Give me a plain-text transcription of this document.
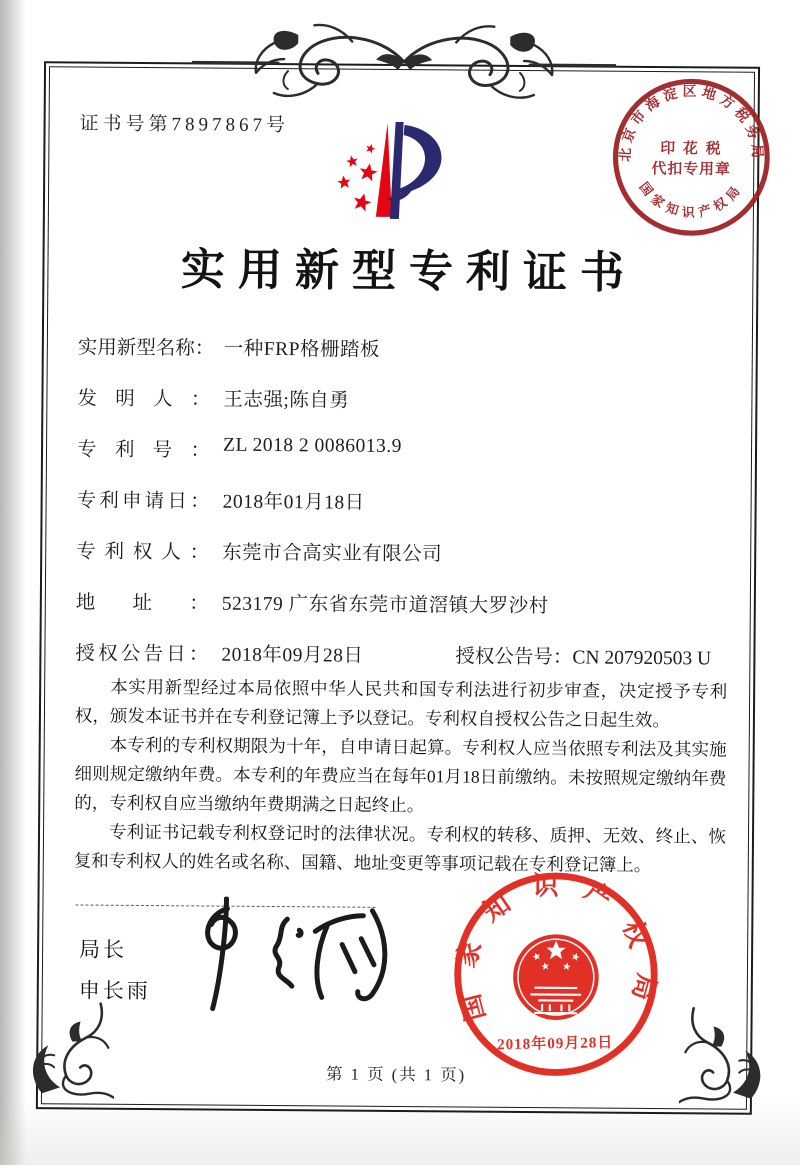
证书号第7897867号
实用新型专利证书
实用新型名称： 一种FRP格栅踏板
发明人： 王志强;陈自勇
专利号： ZL 2018 2 0086013.9
专利申请日： 2018年01月18日
专利权人： 东莞市合高实业有限公司
地址： 523179 广东省东莞市道滘镇大罗沙村
授权公告日： 2018年09月28日	授权公告号：CN 207920503 U

本实用新型经过本局依照中华人民共和国专利法进行初步审查，决定授予专利权，颁发本证书并在专利登记簿上予以登记。专利权自授权公告之日起生效。

本专利的专利权期限为十年，自申请日起算。专利权人应当依照专利法及其实施细则规定缴纳年费。本专利的年费应当在每年01月18日前缴纳。未按照规定缴纳年费的，专利权自应当缴纳年费期满之日起终止。

专利证书记载专利权登记时的法律状况。专利权的转移、质押、无效、终止、恢复和专利权人的姓名或名称、国籍、地址变更等事项记载在专利登记簿上。

局长
申长雨	国家知识产权局
2018年09月28日
北京市海淀区地方税务局
国家知识产权局
印 花 税
代扣专用章
第 1 页 (共 1 页)
